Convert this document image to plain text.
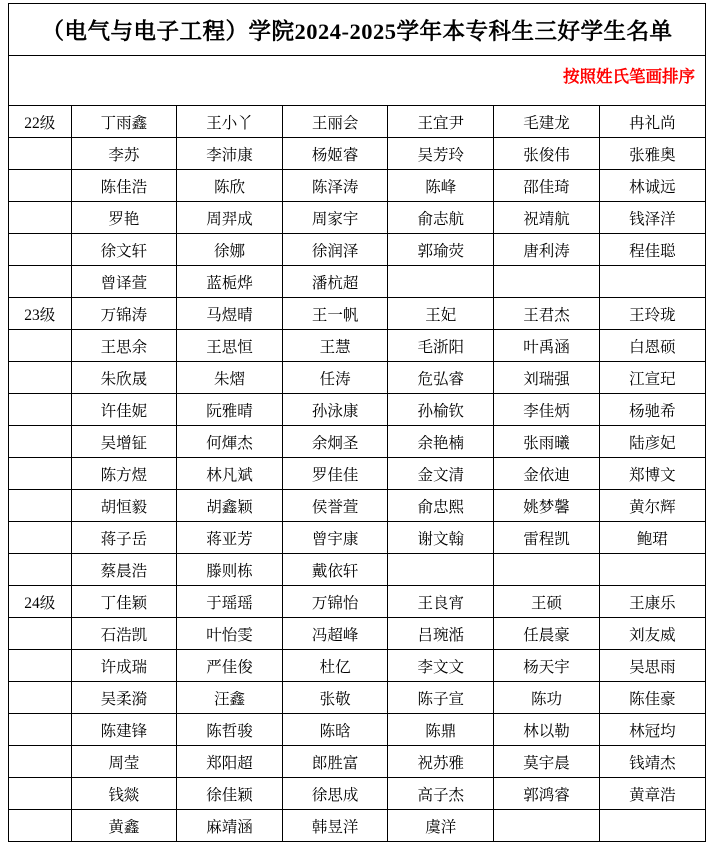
（电气与电子工程）学院2024-2025学年本专科生三好学生名单
按照姓氏笔画排序
22级	丁雨鑫	王小丫	王丽会	王宜尹	毛建龙	冉礼尚
	李苏	李沛康	杨姬睿	吴芳玲	张俊伟	张雅奥
	陈佳浩	陈欣	陈泽涛	陈峰	邵佳琦	林诚远
	罗艳	周羿成	周家宇	俞志航	祝靖航	钱泽洋
	徐文轩	徐娜	徐润泽	郭瑜荧	唐利涛	程佳聪
	曾译萱	蓝栀烨	潘杭超			
23级	万锦涛	马煜晴	王一帆	王妃	王君杰	王玲珑
	王思余	王思恒	王慧	毛浙阳	叶禹涵	白恩硕
	朱欣晟	朱熠	任涛	危弘睿	刘瑞强	江宣玘
	许佳妮	阮雅晴	孙泳康	孙榆钦	李佳炳	杨驰希
	吴增钲	何煇杰	余炯圣	余艳楠	张雨曦	陆彦妃
	陈方煜	林凡斌	罗佳佳	金文清	金依迪	郑博文
	胡恒毅	胡鑫颖	侯誉萱	俞忠熙	姚梦馨	黄尔辉
	蒋子岳	蒋亚芳	曾宇康	谢文翰	雷程凯	鲍珺
	蔡晨浩	滕则栋	戴依轩			
24级	丁佳颖	于瑶瑶	万锦怡	王良宵	王硕	王康乐
	石浩凯	叶怡雯	冯超峰	吕琬湉	任晨豪	刘友威
	许成瑞	严佳俊	杜亿	李文文	杨天宇	吴思雨
	吴柔漪	汪鑫	张敬	陈子宣	陈功	陈佳豪
	陈建锋	陈哲骏	陈晗	陈鼎	林以勒	林冠均
	周莹	郑阳超	郎胜富	祝苏雅	莫宇晨	钱靖杰
	钱燚	徐佳颖	徐思成	高子杰	郭鸿睿	黄章浩
	黄鑫	麻靖涵	韩昱洋	虞洋		
